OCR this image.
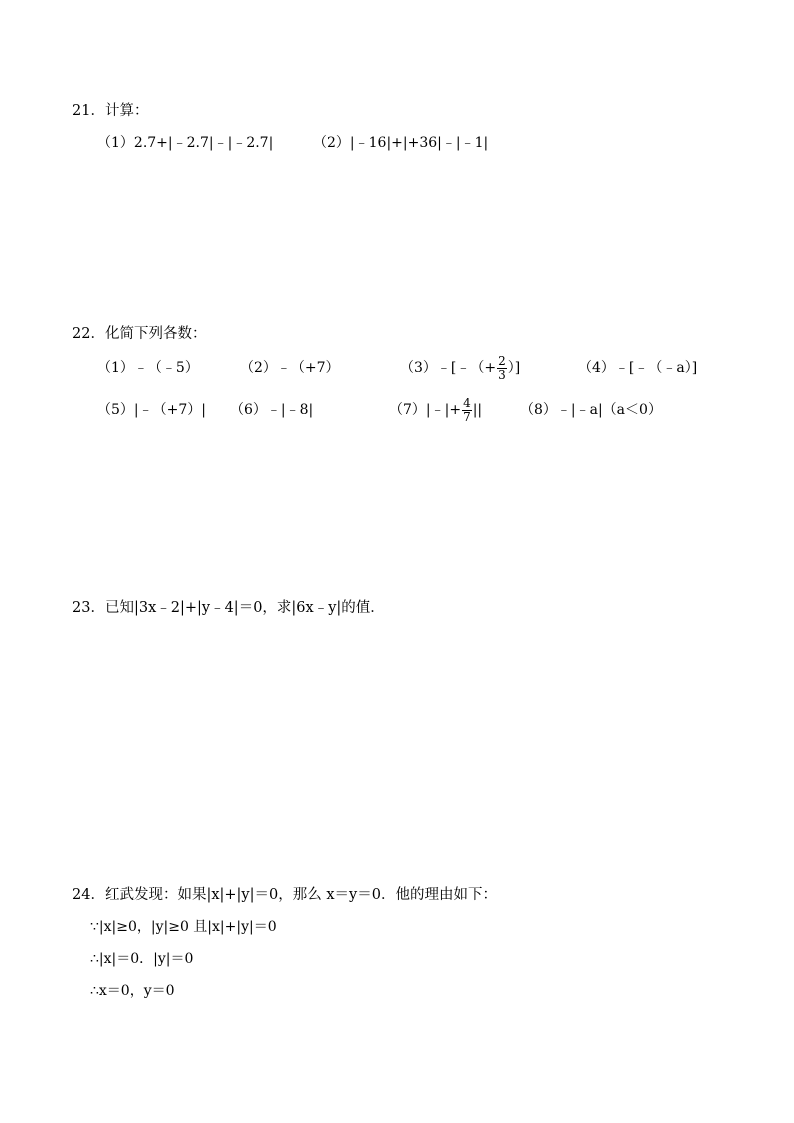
21．计算：
（1）2.7+|﹣2.7|﹣|﹣2.7|	（2）|﹣16|+|+36|﹣|﹣1|
22．化简下列各数：
（1）﹣（﹣5）	（2）﹣（+7）	（3）﹣[﹣（+ $\frac{2}{3}$ ）]	（4）﹣[﹣（﹣a）]
（5）|﹣（+7）| （6）﹣|﹣8|	（7）|﹣|+ $\frac{4}{7}$ ||	（8）﹣|﹣a|（a＜0）
23．已知|3x﹣2|+|y﹣4|＝0，求|6x﹣y|的值．
24．红武发现：如果|x|+|y|＝0，那么 x＝y＝0．他的理由如下：
∵|x|≥0，|y|≥0 且|x|+|y|＝0
∴|x|＝0．|y|＝0
∴x＝0，y＝0
